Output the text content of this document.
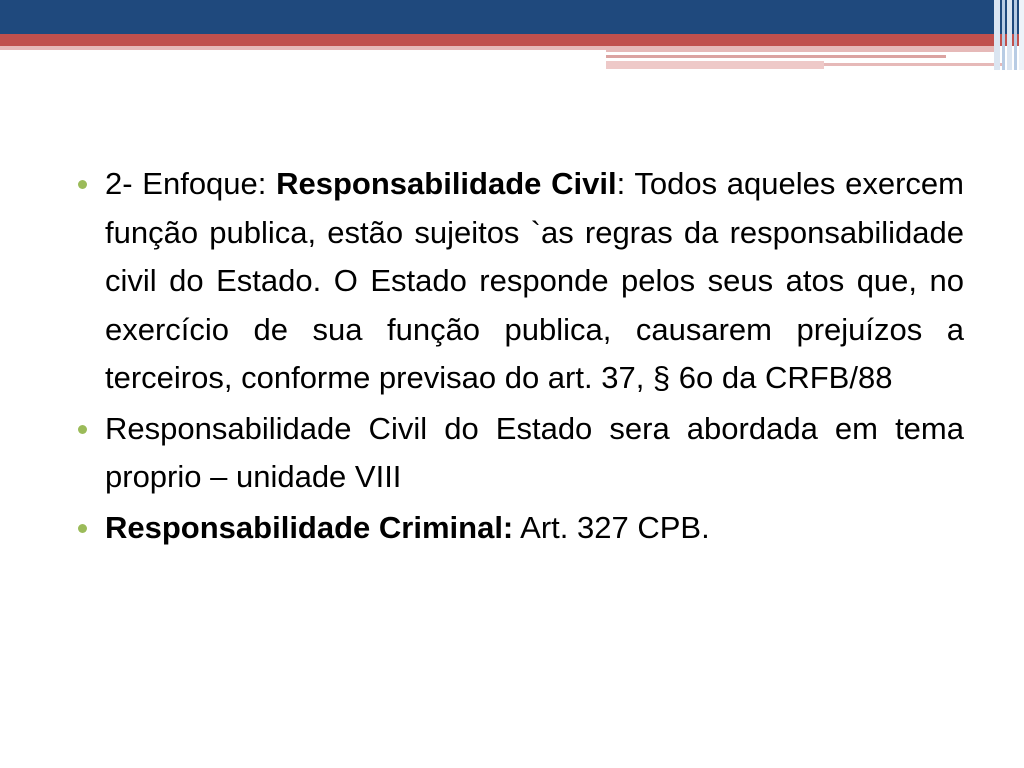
2- Enfoque: Responsabilidade Civil: Todos aqueles exercem função publica, estão sujeitos `as regras da responsabilidade civil do Estado. O Estado responde pelos seus atos que, no exercício de sua função publica, causarem prejuízos a terceiros, conforme previsao do art. 37, § 6o da CRFB/88
Responsabilidade Civil do Estado sera abordada em tema proprio – unidade VIII
Responsabilidade Criminal: Art. 327 CPB.
